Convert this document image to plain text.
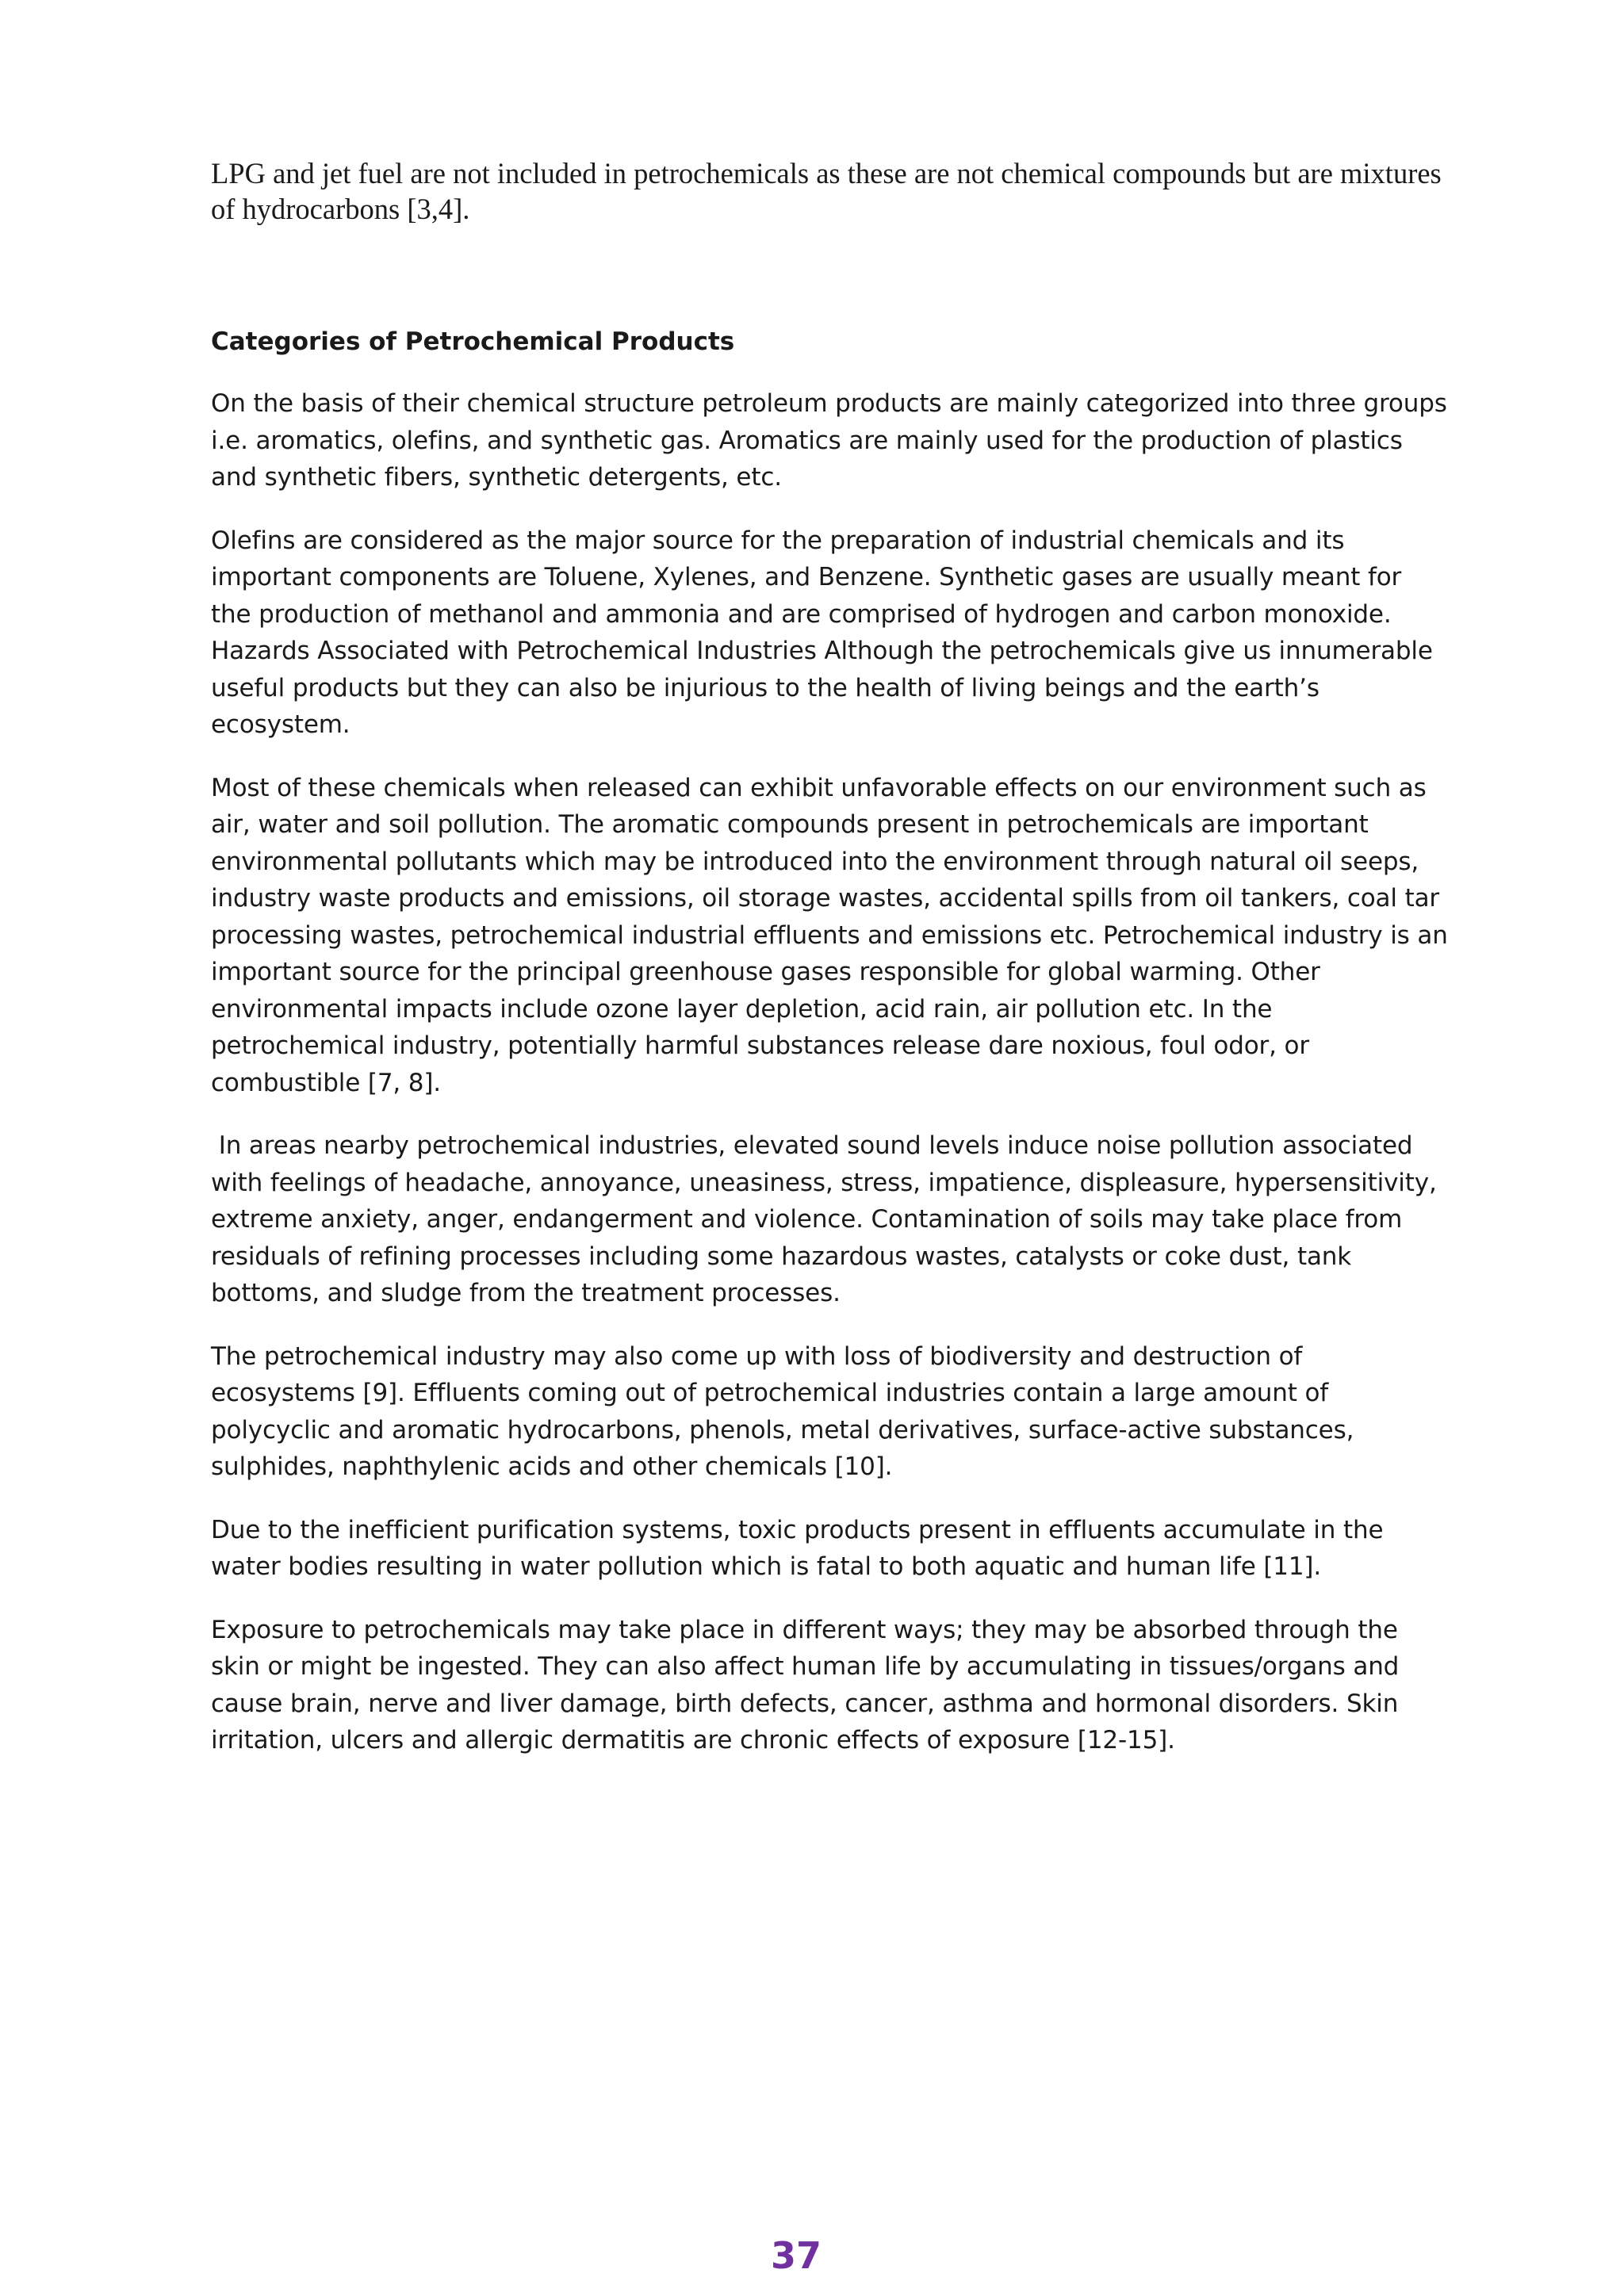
LPG and jet fuel are not included in petrochemicals as these are not chemical compounds but are mixtures of hydrocarbons [3,4].

Categories of Petrochemical Products

On the basis of their chemical structure petroleum products are mainly categorized into three groups i.e. aromatics, olefins, and synthetic gas. Aromatics are mainly used for the production of plastics and synthetic fibers, synthetic detergents, etc.

Olefins are considered as the major source for the preparation of industrial chemicals and its important components are Toluene, Xylenes, and Benzene. Synthetic gases are usually meant for the production of methanol and ammonia and are comprised of hydrogen and carbon monoxide. Hazards Associated with Petrochemical Industries Although the petrochemicals give us innumerable useful products but they can also be injurious to the health of living beings and the earth’s ecosystem.

Most of these chemicals when released can exhibit unfavorable effects on our environment such as air, water and soil pollution. The aromatic compounds present in petrochemicals are important environmental pollutants which may be introduced into the environment through natural oil seeps, industry waste products and emissions, oil storage wastes, accidental spills from oil tankers, coal tar processing wastes, petrochemical industrial effluents and emissions etc. Petrochemical industry is an important source for the principal greenhouse gases responsible for global warming. Other environmental impacts include ozone layer depletion, acid rain, air pollution etc. In the petrochemical industry, potentially harmful substances release dare noxious, foul odor, or combustible [7, 8].

In areas nearby petrochemical industries, elevated sound levels induce noise pollution associated with feelings of headache, annoyance, uneasiness, stress, impatience, displeasure, hypersensitivity, extreme anxiety, anger, endangerment and violence. Contamination of soils may take place from residuals of refining processes including some hazardous wastes, catalysts or coke dust, tank bottoms, and sludge from the treatment processes.

The petrochemical industry may also come up with loss of biodiversity and destruction of ecosystems [9]. Effluents coming out of petrochemical industries contain a large amount of polycyclic and aromatic hydrocarbons, phenols, metal derivatives, surface-active substances, sulphides, naphthylenic acids and other chemicals [10].

Due to the inefficient purification systems, toxic products present in effluents accumulate in the water bodies resulting in water pollution which is fatal to both aquatic and human life [11].

Exposure to petrochemicals may take place in different ways; they may be absorbed through the skin or might be ingested. They can also affect human life by accumulating in tissues/organs and cause brain, nerve and liver damage, birth defects, cancer, asthma and hormonal disorders. Skin irritation, ulcers and allergic dermatitis are chronic effects of exposure [12-15].

37
